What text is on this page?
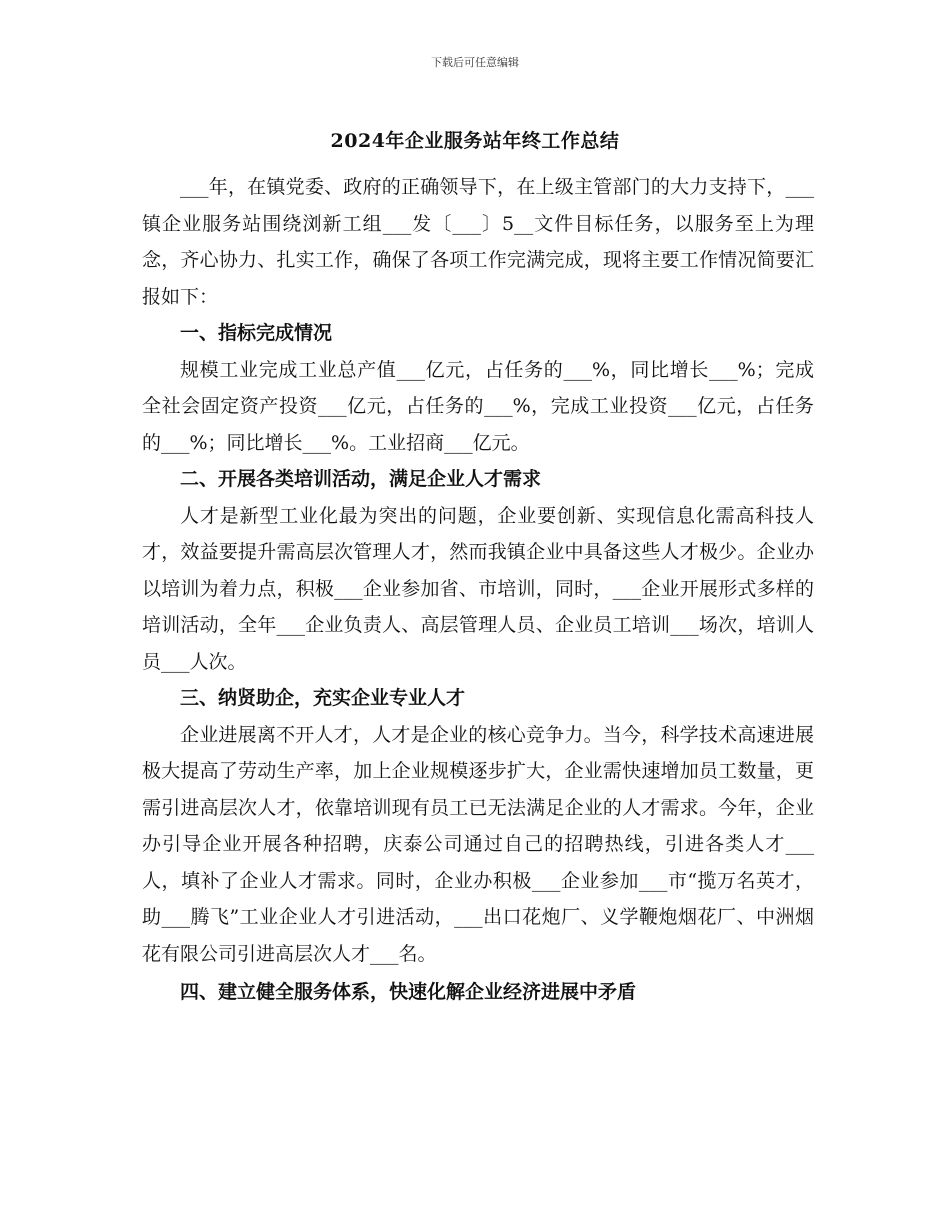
下载后可任意编辑
2024年企业服务站年终工作总结

___年，在镇党委、政府的正确领导下，在上级主管部门的大力支持下，___镇企业服务站围绕浏新工组___发〔___〕5__文件目标任务，以服务至上为理念，齐心协力、扎实工作，确保了各项工作完满完成，现将主要工作情况简要汇报如下：

一、指标完成情况

规模工业完成工业总产值___亿元，占任务的___%，同比增长___%；完成全社会固定资产投资___亿元，占任务的___%，完成工业投资___亿元，占任务的___%；同比增长___%。工业招商___亿元。

二、开展各类培训活动，满足企业人才需求

人才是新型工业化最为突出的问题，企业要创新、实现信息化需高科技人才，效益要提升需高层次管理人才，然而我镇企业中具备这些人才极少。企业办以培训为着力点，积极___企业参加省、市培训，同时，___企业开展形式多样的培训活动，全年___企业负责人、高层管理人员、企业员工培训___场次，培训人员___人次。

三、纳贤助企，充实企业专业人才

企业进展离不开人才，人才是企业的核心竞争力。当今，科学技术高速进展极大提高了劳动生产率，加上企业规模逐步扩大，企业需快速增加员工数量，更需引进高层次人才，依靠培训现有员工已无法满足企业的人才需求。今年，企业办引导企业开展各种招聘，庆泰公司通过自己的招聘热线，引进各类人才___人，填补了企业人才需求。同时，企业办积极___企业参加___市“揽万名英才，助___腾飞”工业企业人才引进活动，___出口花炮厂、义学鞭炮烟花厂、中洲烟花有限公司引进高层次人才___名。

四、建立健全服务体系，快速化解企业经济进展中矛盾
